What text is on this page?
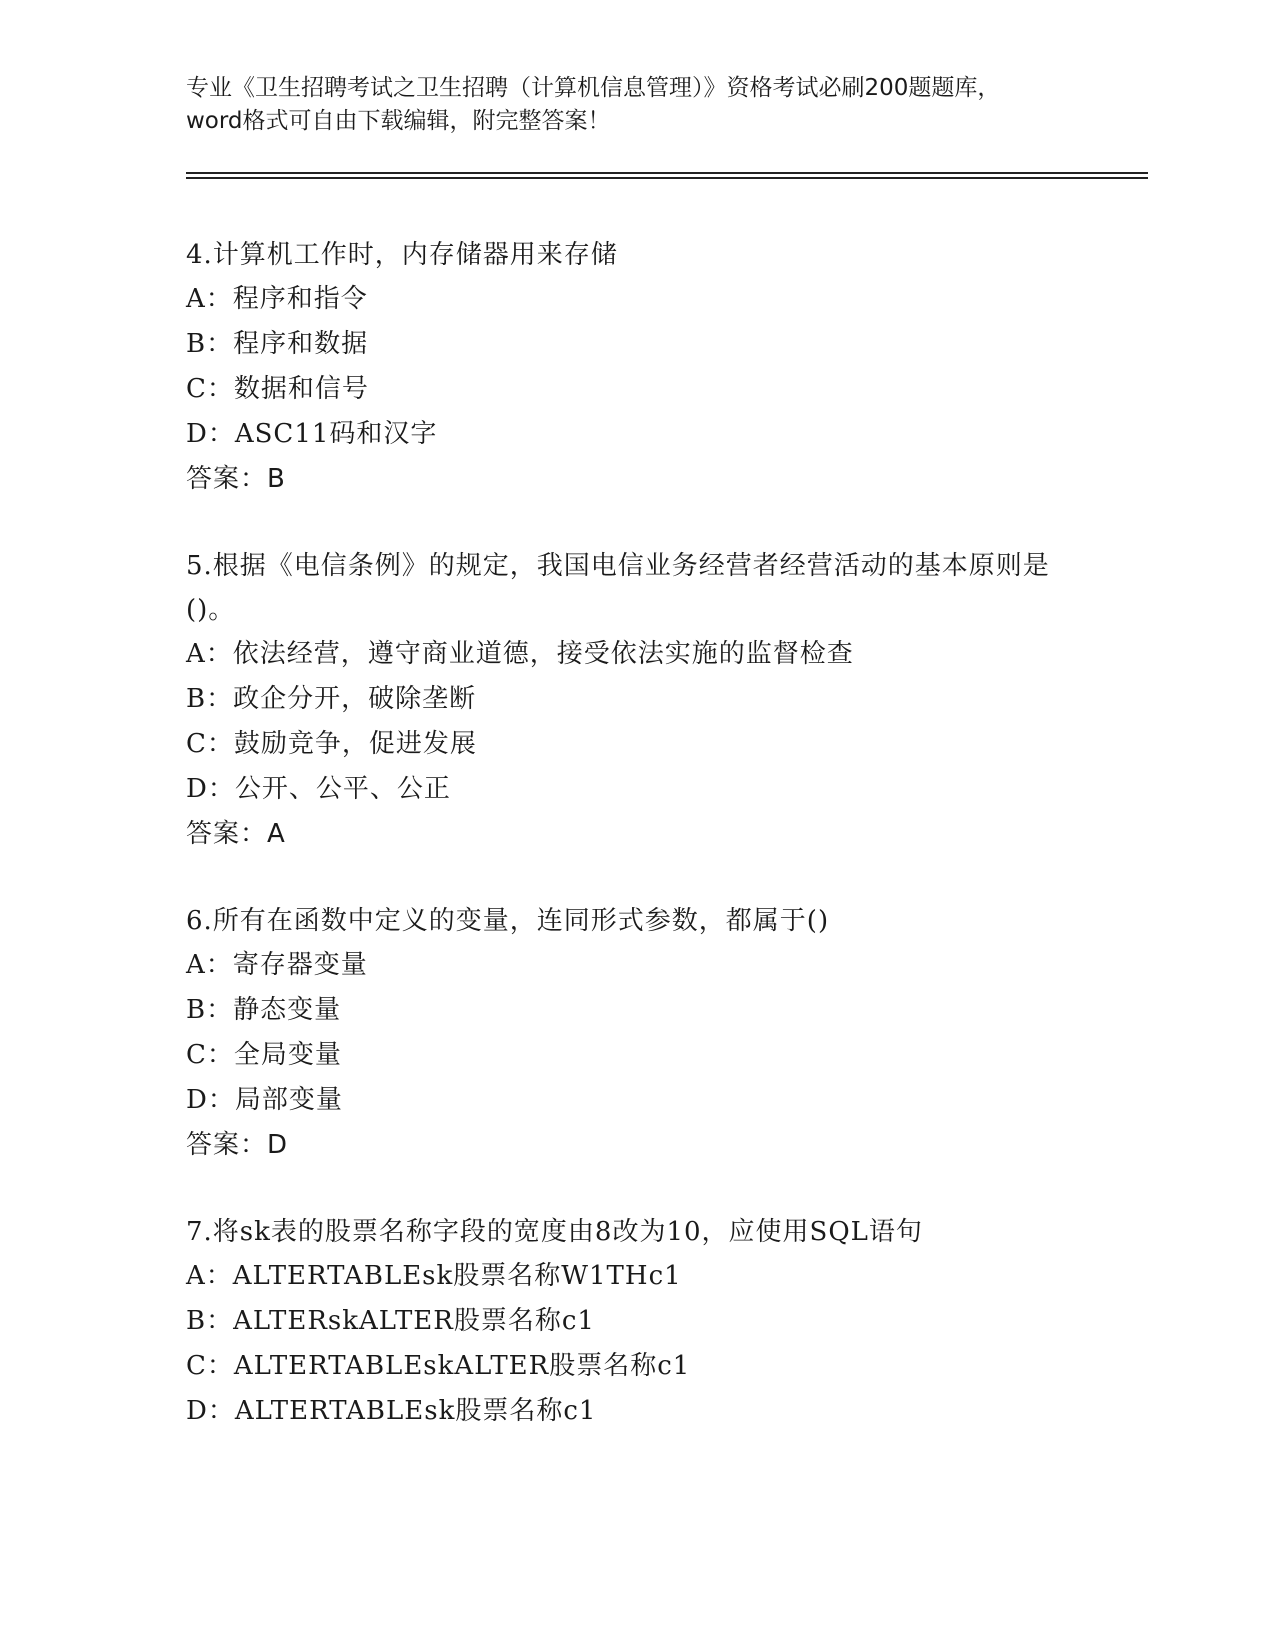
专业《卫生招聘考试之卫生招聘（计算机信息管理）》资格考试必刷200题题库，

word格式可自由下载编辑，附完整答案！

4.计算机工作时，内存储器用来存储
A：程序和指令
B：程序和数据
C：数据和信号
D：ASC11码和汉字
答案：B
5.根据《电信条例》的规定，我国电信业务经营者经营活动的基本原则是()。
A：依法经营，遵守商业道德，接受依法实施的监督检查
B：政企分开，破除垄断
C：鼓励竞争，促进发展
D：公开、公平、公正
答案：A
6.所有在函数中定义的变量，连同形式参数，都属于()
A：寄存器变量
B：静态变量
C：全局变量
D：局部变量
答案：D
7.将sk表的股票名称字段的宽度由8改为10，应使用SQL语句
A：ALTERTABLEsk股票名称W1THc1
B：ALTERskALTER股票名称c1
C：ALTERTABLEskALTER股票名称c1
D：ALTERTABLEsk股票名称c1
